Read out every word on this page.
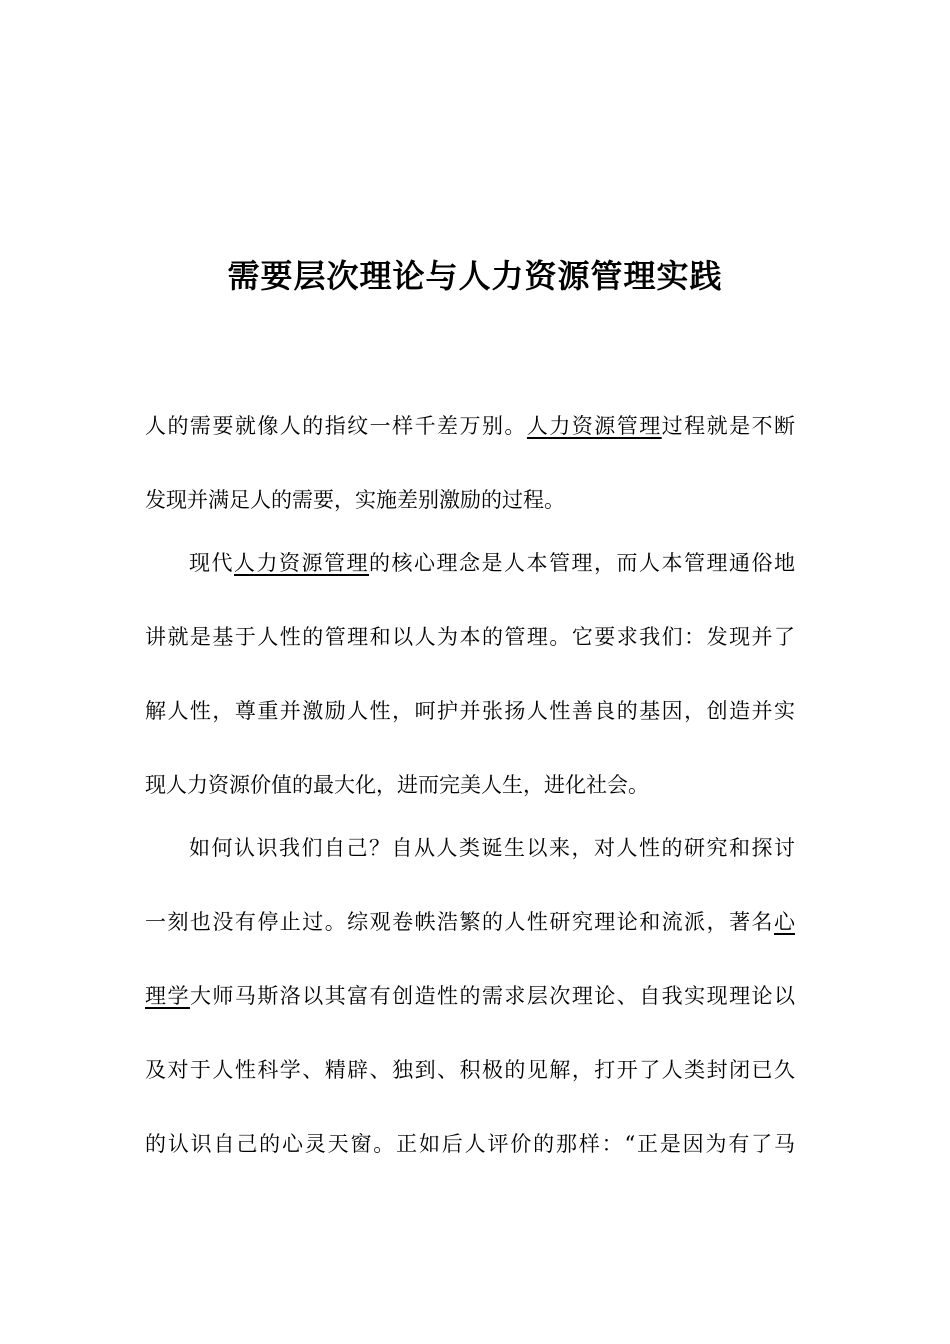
需要层次理论与人力资源管理实践

人的需要就像人的指纹一样千差万别。人力资源管理过程就是不断

发现并满足人的需要，实施差别激励的过程。

现代人力资源管理的核心理念是人本管理，而人本管理通俗地

讲就是基于人性的管理和以人为本的管理。它要求我们：发现并了

解人性，尊重并激励人性，呵护并张扬人性善良的基因，创造并实

现人力资源价值的最大化，进而完美人生，进化社会。

如何认识我们自己？自从人类诞生以来，对人性的研究和探讨

一刻也没有停止过。综观卷帙浩繁的人性研究理论和流派，著名心

理学大师马斯洛以其富有创造性的需求层次理论、自我实现理论以

及对于人性科学、精辟、独到、积极的见解，打开了人类封闭已久

的认识自己的心灵天窗。正如后人评价的那样：“正是因为有了马
